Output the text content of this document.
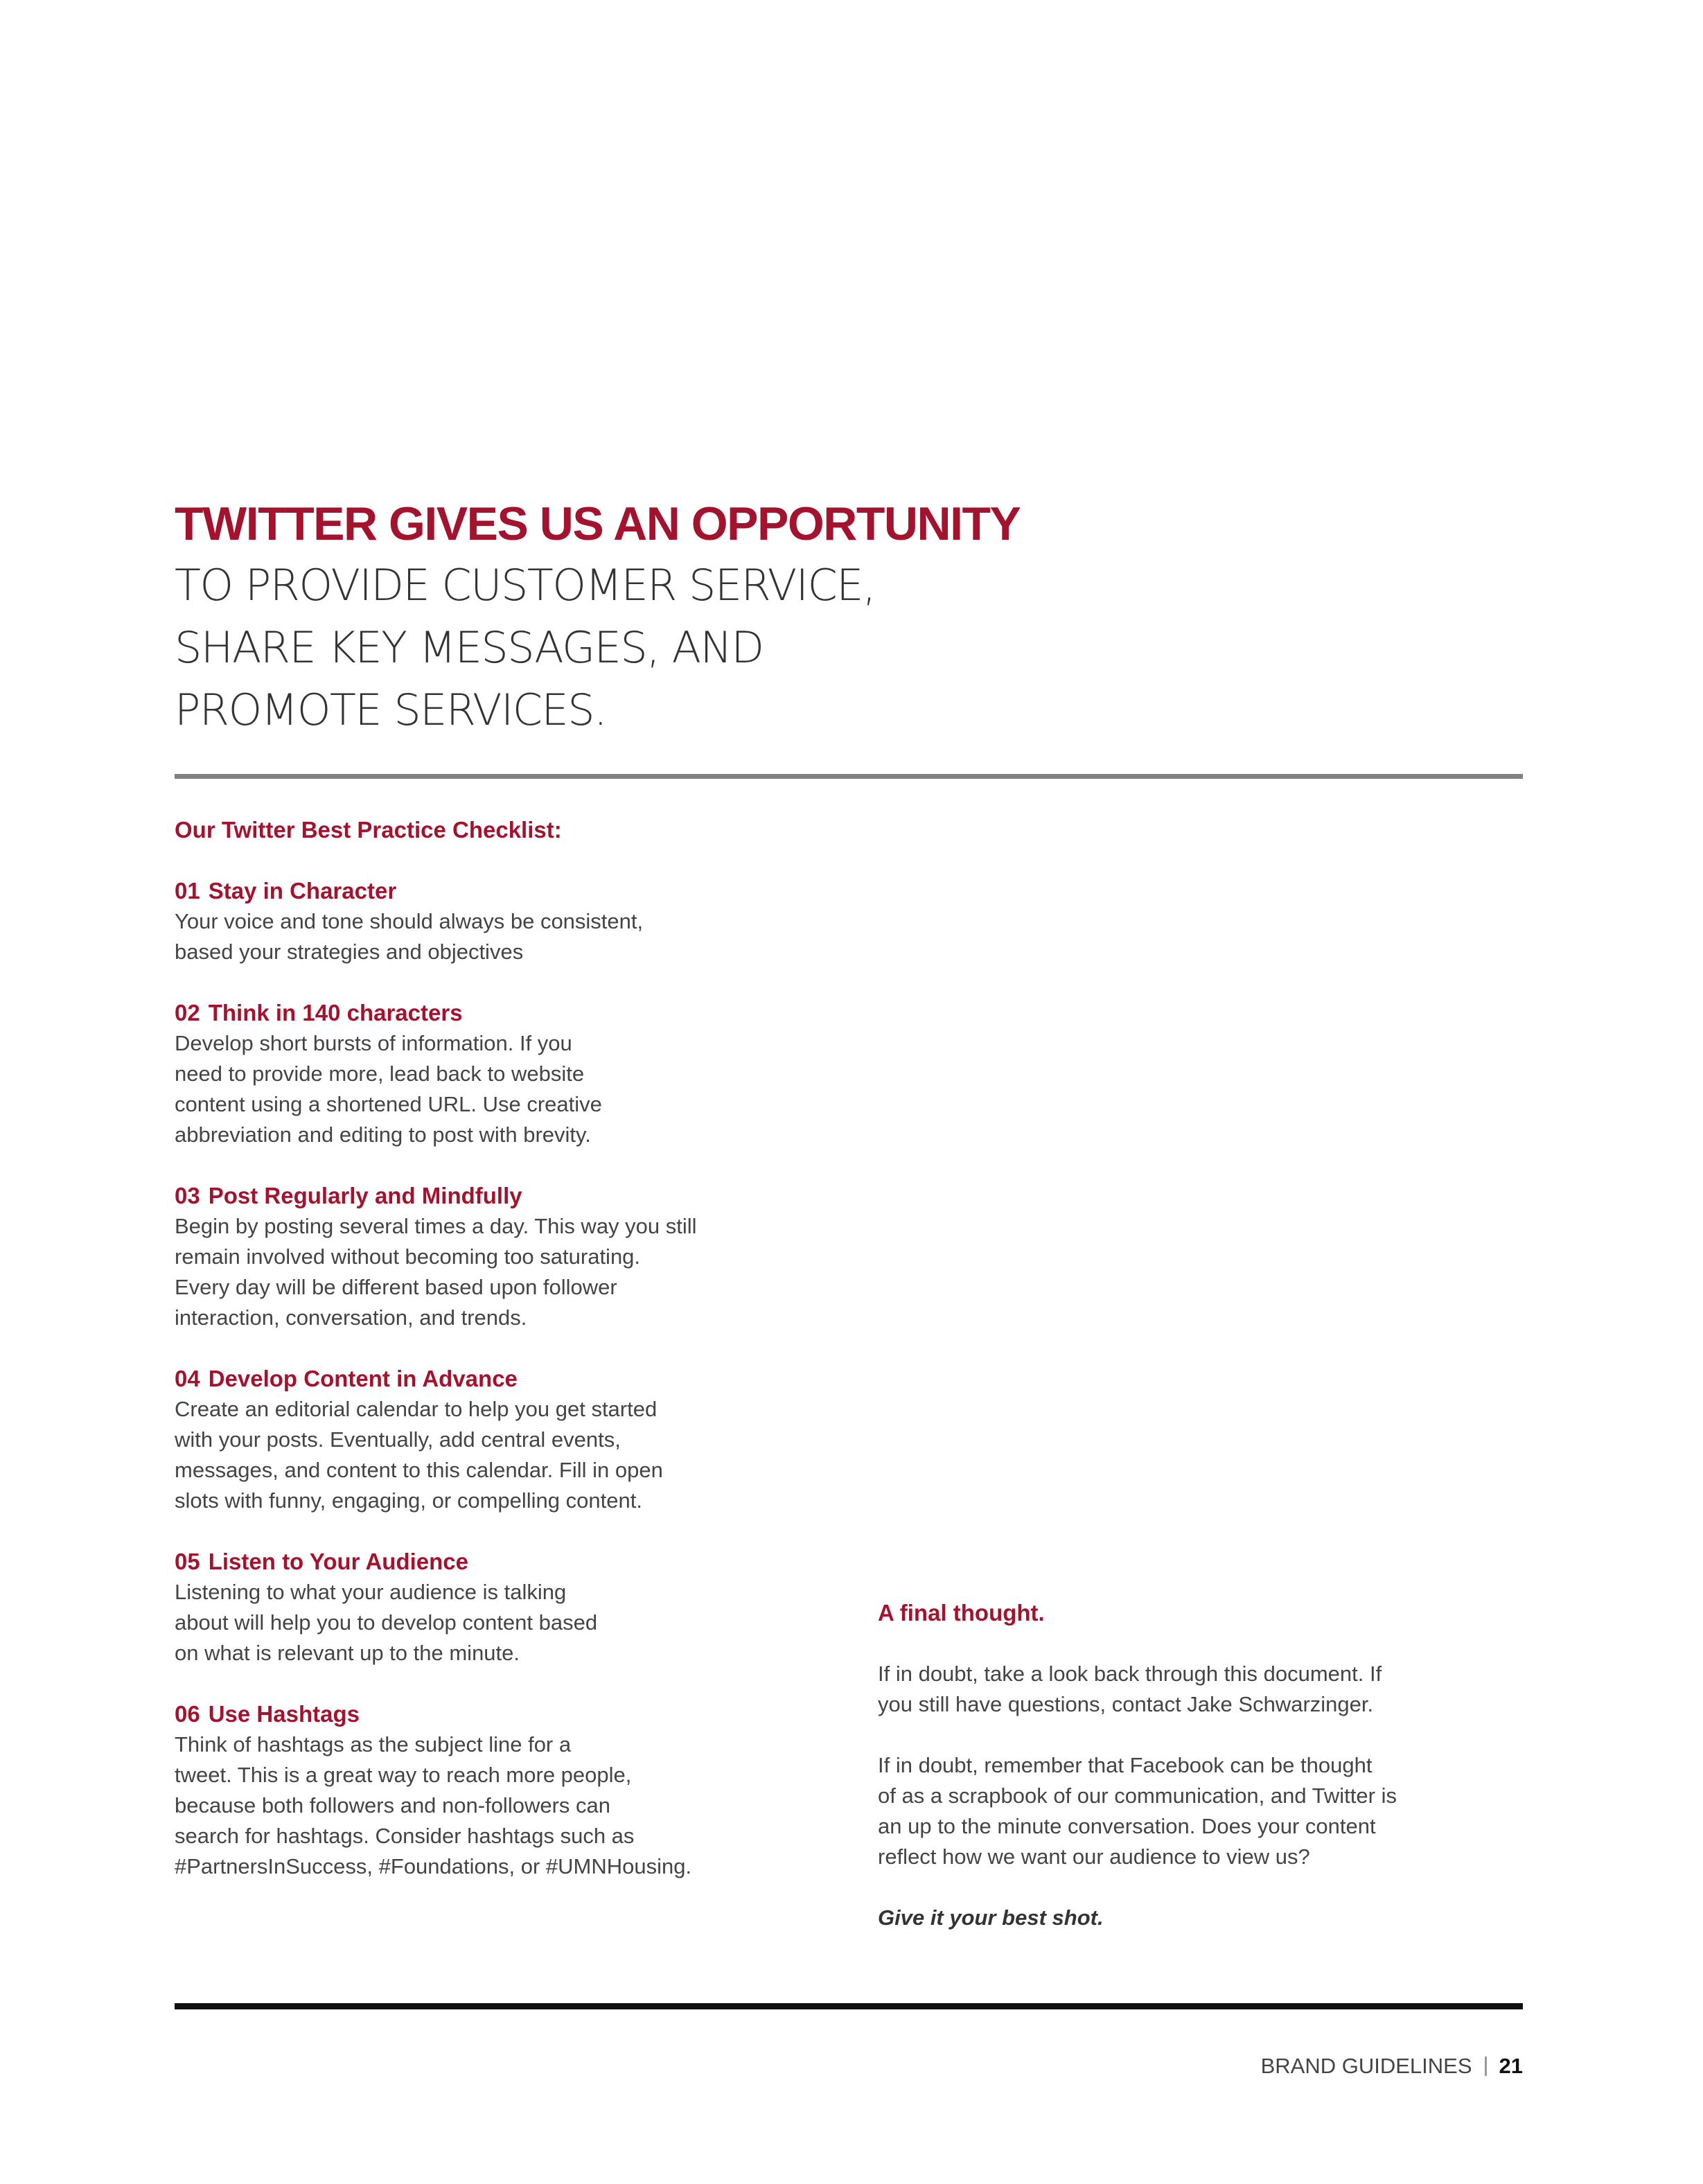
TWITTER GIVES US AN OPPORTUNITY
TO PROVIDE CUSTOMER SERVICE,
SHARE KEY MESSAGES, AND
PROMOTE SERVICES.
Our Twitter Best Practice Checklist:
01 Stay in Character
Your voice and tone should always be consistent,
based your strategies and objectives
02 Think in 140 characters
Develop short bursts of information. If you
need to provide more, lead back to website
content using a shortened URL. Use creative
abbreviation and editing to post with brevity.
03 Post Regularly and Mindfully
Begin by posting several times a day. This way you still
remain involved without becoming too saturating.
Every day will be different based upon follower
interaction, conversation, and trends.
04 Develop Content in Advance
Create an editorial calendar to help you get started
with your posts. Eventually, add central events,
messages, and content to this calendar. Fill in open
slots with funny, engaging, or compelling content.
05 Listen to Your Audience
Listening to what your audience is talking
about will help you to develop content based
on what is relevant up to the minute.
06 Use Hashtags
Think of hashtags as the subject line for a
tweet. This is a great way to reach more people,
because both followers and non-followers can
search for hashtags. Consider hashtags such as
#PartnersInSuccess, #Foundations, or #UMNHousing.
A final thought.
If in doubt, take a look back through this document. If
you still have questions, contact Jake Schwarzinger.
If in doubt, remember that Facebook can be thought
of as a scrapbook of our communication, and Twitter is
an up to the minute conversation. Does your content
reflect how we want our audience to view us?
Give it your best shot.
BRAND GUIDELINES 21
